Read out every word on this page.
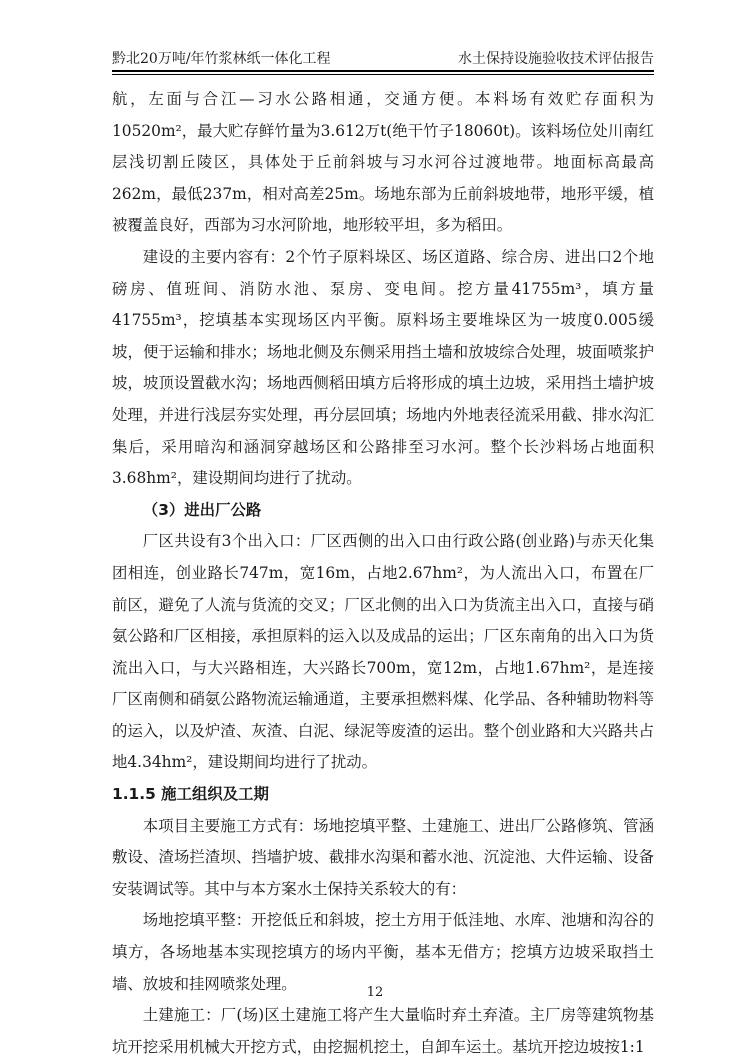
黔北20万吨/年竹浆林纸一体化工程	水土保持设施验收技术评估报告

航，左面与合江—习水公路相通，交通方便。本料场有效贮存面积为10520m²，最大贮存鲜竹量为3.612万t(绝干竹子18060t)。该料场位处川南红层浅切割丘陵区，具体处于丘前斜坡与习水河谷过渡地带。地面标高最高262m，最低237m，相对高差25m。场地东部为丘前斜坡地带，地形平缓，植被覆盖良好，西部为习水河阶地，地形较平坦，多为稻田。

建设的主要内容有：2个竹子原料垛区、场区道路、综合房、进出口2个地磅房、值班间、消防水池、泵房、变电间。挖方量41755m³，填方量41755m³，挖填基本实现场区内平衡。原料场主要堆垛区为一坡度0.005缓坡，便于运输和排水；场地北侧及东侧采用挡土墙和放坡综合处理，坡面喷浆护坡，坡顶设置截水沟；场地西侧稻田填方后将形成的填土边坡，采用挡土墙护坡处理，并进行浅层夯实处理，再分层回填；场地内外地表径流采用截、排水沟汇集后，采用暗沟和涵洞穿越场区和公路排至习水河。整个长沙料场占地面积3.68hm²，建设期间均进行了扰动。

（3）进出厂公路

厂区共设有3个出入口：厂区西侧的出入口由行政公路(创业路)与赤天化集团相连，创业路长747m，宽16m，占地2.67hm²，为人流出入口，布置在厂前区，避免了人流与货流的交叉；厂区北侧的出入口为货流主出入口，直接与硝氨公路和厂区相接，承担原料的运入以及成品的运出；厂区东南角的出入口为货流出入口，与大兴路相连，大兴路长700m，宽12m，占地1.67hm²，是连接厂区南侧和硝氨公路物流运输通道，主要承担燃料煤、化学品、各种辅助物料等的运入，以及炉渣、灰渣、白泥、绿泥等废渣的运出。整个创业路和大兴路共占地4.34hm²，建设期间均进行了扰动。

1.1.5 施工组织及工期

本项目主要施工方式有：场地挖填平整、土建施工、进出厂公路修筑、管涵敷设、渣场拦渣坝、挡墙护坡、截排水沟渠和蓄水池、沉淀池、大件运输、设备安装调试等。其中与本方案水土保持关系较大的有：

场地挖填平整：开挖低丘和斜坡，挖土方用于低洼地、水库、池塘和沟谷的填方，各场地基本实现挖填方的场内平衡，基本无借方；挖填方边坡采取挡土墙、放坡和挂网喷浆处理。

土建施工：厂(场)区土建施工将产生大量临时弃土弃渣。主厂房等建筑物基坑开挖采用机械大开挖方式，由挖掘机挖土，自卸车运土。基坑开挖边坡按1:1

12
